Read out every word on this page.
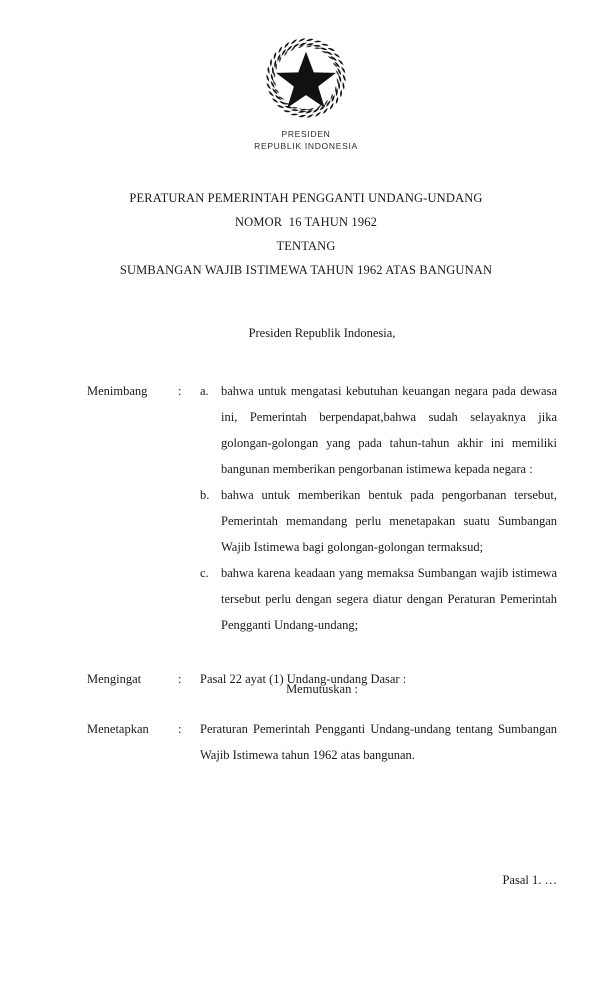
PRESIDEN
REPUBLIK INDONESIA
PERATURAN PEMERINTAH PENGGANTI UNDANG-UNDANG
NOMOR  16 TAHUN 1962
TENTANG
SUMBANGAN WAJIB ISTIMEWA TAHUN 1962 ATAS BANGUNAN
Presiden Republik Indonesia,
Menimbang	:	a. bahwa untuk mengatasi kebutuhan keuangan negara pada dewasa ini, Pemerintah berpendapat,bahwa sudah selayaknya jika golongan-golongan yang pada tahun-tahun akhir ini memiliki bangunan memberikan pengorbanan istimewa kepada negara :
b. bahwa untuk memberikan bentuk pada pengorbanan tersebut, Pemerintah memandang perlu menetapakan suatu Sumbangan Wajib Istimewa bagi golongan-golongan termaksud;
c. bahwa karena keadaan yang memaksa Sumbangan wajib istimewa tersebut perlu dengan segera diatur dengan Peraturan Pemerintah Pengganti Undang-undang;
Mengingat	:	Pasal 22 ayat (1) Undang-undang Dasar :
Memutuskan :
Menetapkan	:	Peraturan Pemerintah Pengganti Undang-undang tentang Sumbangan Wajib Istimewa tahun 1962 atas bangunan.
Pasal 1. …
